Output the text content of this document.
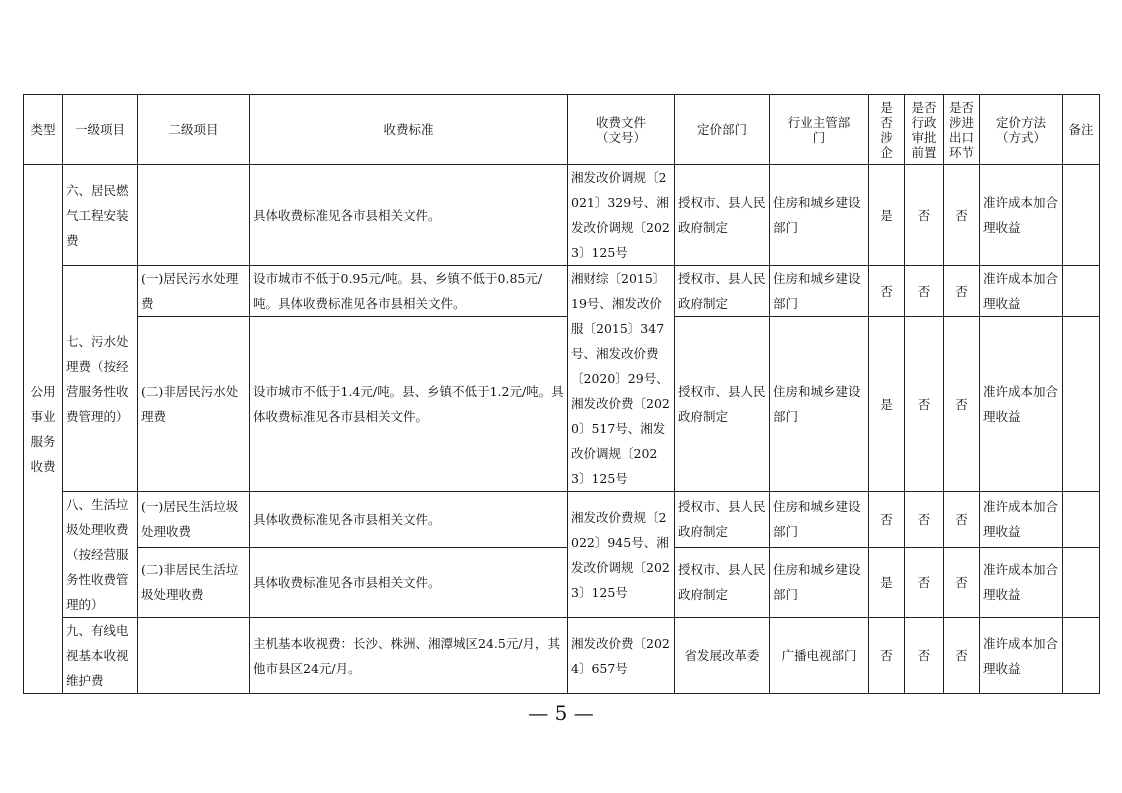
类型	一级项目	二级项目	收费标准	收费文件（文号）	定价部门	行业主管部门	是否涉企	是否行政审批前置	是否涉进出口环节	定价方法（方式）	备注
公用事业服务收费	六、居民燃气工程安装费		具体收费标准见各市县相关文件。	湘发改价调规〔2021〕329号、湘发改价调规〔2023〕125号	授权市、县人民政府制定	住房和城乡建设部门	是	否	否	准许成本加合理收益	
	七、污水处理费（按经营服务性收费管理的）	(一)居民污水处理费	设市城市不低于0.95元/吨。县、乡镇不低于0.85元/吨。具体收费标准见各市县相关文件。	湘财综〔2015〕19号、湘发改价服〔2015〕347号、湘发改价费〔2020〕29号、湘发改价费〔2020〕517号、湘发改价调规〔2023〕125号	授权市、县人民政府制定	住房和城乡建设部门	否	否	否	准许成本加合理收益	
		(二)非居民污水处理费	设市城市不低于1.4元/吨。县、乡镇不低于1.2元/吨。具体收费标准见各市县相关文件。		授权市、县人民政府制定	住房和城乡建设部门	是	否	否	准许成本加合理收益	
	八、生活垃圾处理收费（按经营服务性收费管理的）	(一)居民生活垃圾处理收费	具体收费标准见各市县相关文件。	湘发改价费规〔2022〕945号、湘发改价调规〔2023〕125号	授权市、县人民政府制定	住房和城乡建设部门	否	否	否	准许成本加合理收益	
		(二)非居民生活垃圾处理收费	具体收费标准见各市县相关文件。		授权市、县人民政府制定	住房和城乡建设部门	是	否	否	准许成本加合理收益	
	九、有线电视基本收视维护费		主机基本收视费：长沙、株洲、湘潭城区24.5元/月，其他市县区24元/月。	湘发改价费〔2024〕657号	省发展改革委	广播电视部门	否	否	否	准许成本加合理收益	
— 5 —
